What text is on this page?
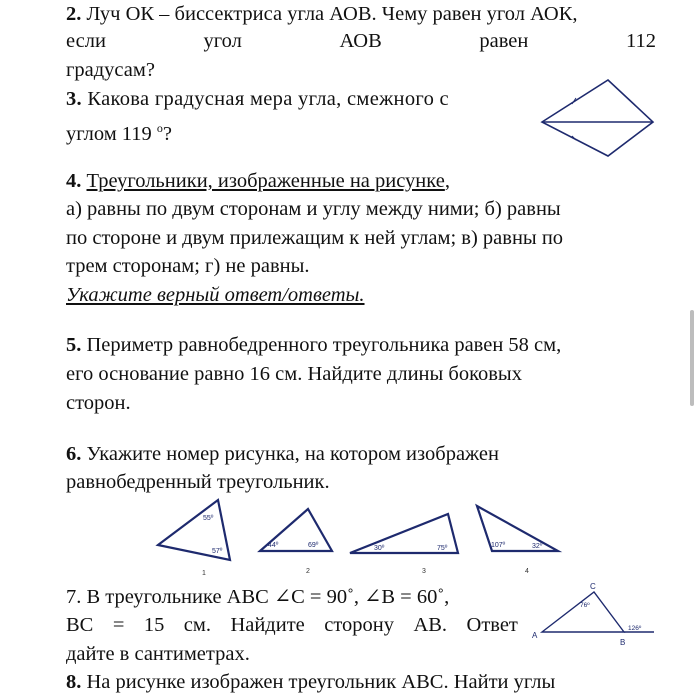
2. Луч ОК – биссектриса угла АОВ. Чему равен угол АОК,
если	угол	АОВ	равен	112
градусам?
3. Какова градусная мера угла, смежного с
углом 119 $^о$?
4. Треугольники, изображенные на рисунке,
а) равны по двум сторонам и углу между ними; б) равны
по стороне и двум прилежащим к ней углам; в) равны по
трем сторонам; г) не равны.
Укажите верный ответ/ответы.
5. Периметр равнобедренного треугольника равен 58 см,
его основание равно 16 см. Найдите длины боковых
сторон.
6. Укажите номер рисунка, на котором изображен
равнобедренный треугольник.
55º
57º
1
44º	69º
2
30º	75º
3
107º	32º
4
7. В треугольнике АВС ∠С = 90˚, ∠В = 60˚,
ВС = 15 см. Найдите сторону АВ. Ответ
дайте в сантиметрах.
C
A
B
76º
126º
8. На рисунке изображен треугольник АВС. Найти углы
